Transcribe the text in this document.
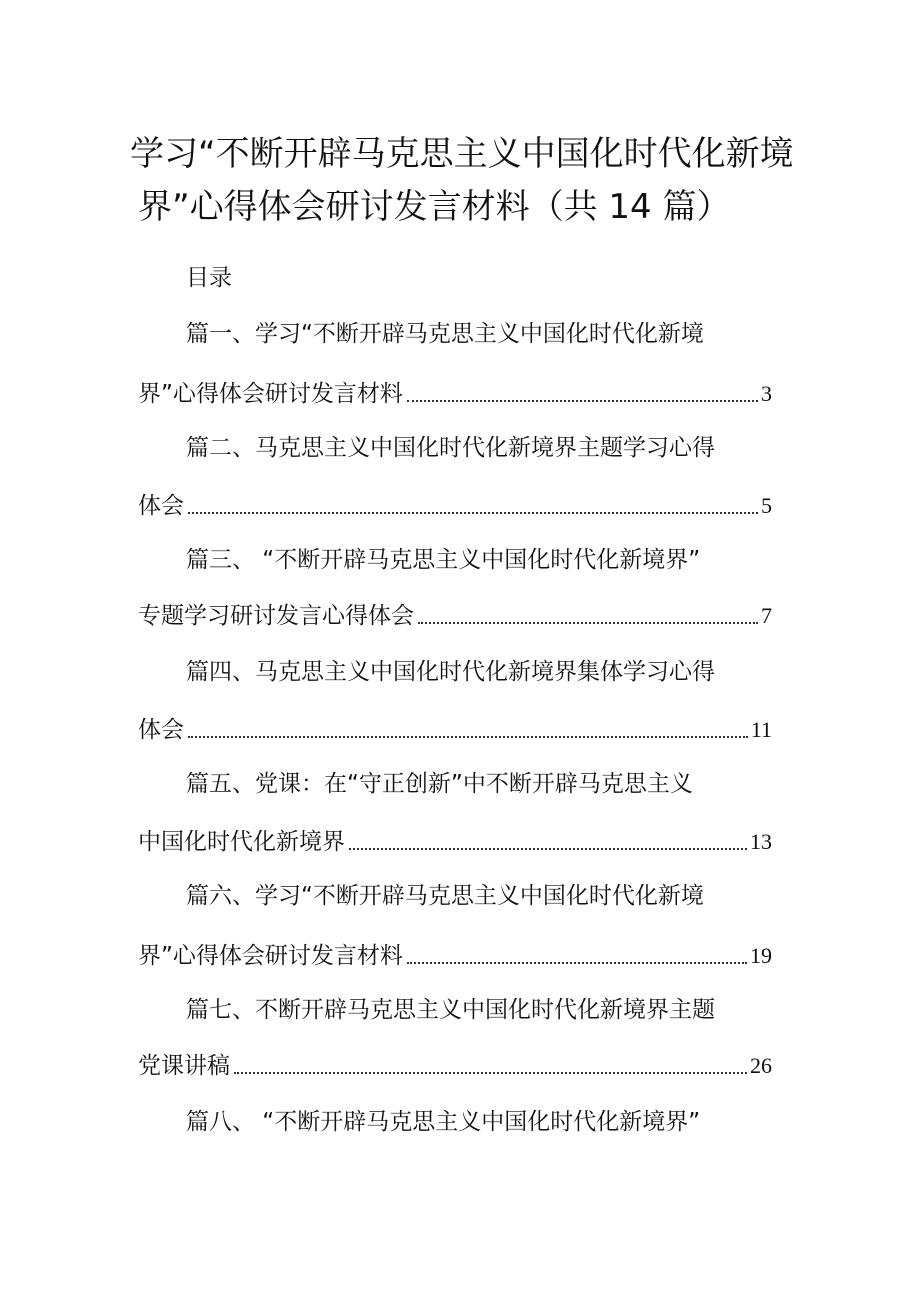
学习“不断开辟马克思主义中国化时代化新境
界”心得体会研讨发言材料（共 14 篇）
目录
篇一、学习“不断开辟马克思主义中国化时代化新境
界”心得体会研讨发言材料	3
篇二、马克思主义中国化时代化新境界主题学习心得
体会	5
篇三、 “不断开辟马克思主义中国化时代化新境界”
专题学习研讨发言心得体会	7
篇四、马克思主义中国化时代化新境界集体学习心得
体会	11
篇五、党课：在“守正创新”中不断开辟马克思主义
中国化时代化新境界	13
篇六、学习“不断开辟马克思主义中国化时代化新境
界”心得体会研讨发言材料	19
篇七、不断开辟马克思主义中国化时代化新境界主题
党课讲稿	26
篇八、 “不断开辟马克思主义中国化时代化新境界”
